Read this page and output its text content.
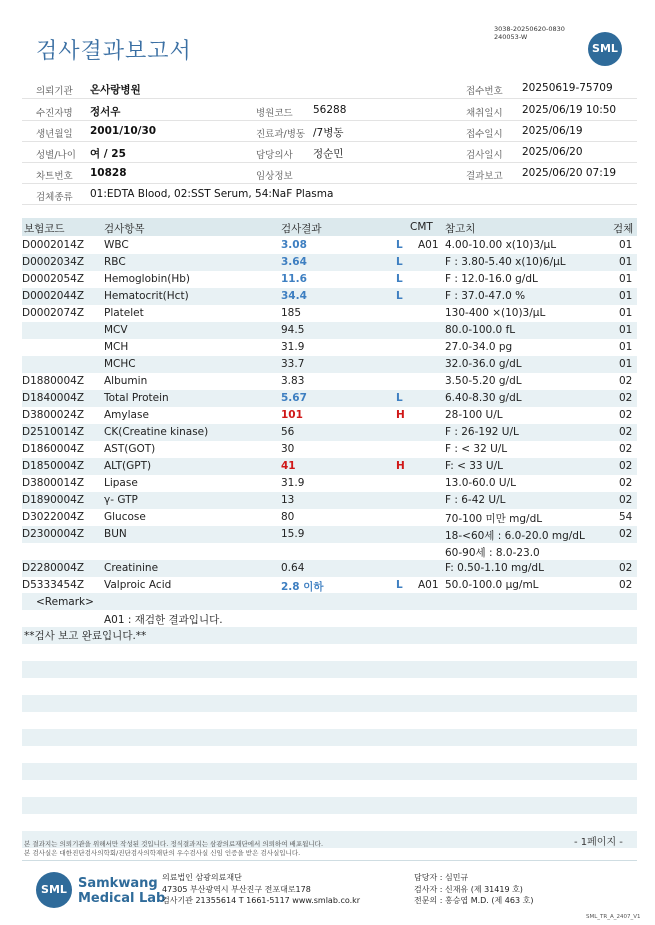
검사결과보고서
3038-20250620-0830
240053-W
SML
의뢰기관 온사랑병원	접수번호 20250619-75709
수진자명 정서우	병원코드 56288	채취일시 2025/06/19 10:50
생년월일 2001/10/30	진료과/병동 /7병동	접수일시 2025/06/19
성별/나이 여 / 25	담당의사 정순민	검사일시 2025/06/20
차트번호 10828	임상정보	결과보고 2025/06/20 07:19
검체종류 01:EDTA Blood, 02:SST Serum, 54:NaF Plasma
보험코드	검사항목	검사결과	CMT 참고치	검체
D0002014Z WBC	3.08	L A01 4.00-10.00 x(10)3/μL	01
D0002034Z RBC	3.64	L	F : 3.80-5.40 x(10)6/μL	01
D0002054Z Hemoglobin(Hb)	11.6	L	F : 12.0-16.0 g/dL	01
D0002044Z Hematocrit(Hct)	34.4	L	F : 37.0-47.0 %	01
D0002074Z Platelet	185	130-400 ×(10)3/μL	01
MCV	94.5	80.0-100.0 fL	01
MCH	31.9	27.0-34.0 pg	01
MCHC	33.7	32.0-36.0 g/dL	01
D1880004Z Albumin	3.83	3.50-5.20 g/dL	02
D1840004Z Total Protein	5.67	L	6.40-8.30 g/dL	02
D3800024Z Amylase	101	H	28-100 U/L	02
D2510014Z CK(Creatine kinase)	56	F : 26-192 U/L	02
D1860004Z AST(GOT)	30	F : < 32 U/L	02
D1850004Z ALT(GPT)	41	H	F: < 33 U/L	02
D3800014Z Lipase	31.9	13.0-60.0 U/L	02
D1890004Z γ- GTP	13	F : 6-42 U/L	02
D3022004Z Glucose	80	70-100 미만 mg/dL	54
D2300004Z BUN	15.9	18-<60세 : 6.0-20.0 mg/dL	02
60-90세 : 8.0-23.0
D2280004Z Creatinine	0.64	F: 0.50-1.10 mg/dL	02
D5333454Z Valproic Acid	2.8 이하	L A01 50.0-100.0 μg/mL	02
<Remark>
A01 : 재검한 결과입니다.
**검사 보고 완료입니다.**
본 결과지는 의뢰기관을 위해서만 작성된 것입니다. 정식결과지는 삼광의료재단에서 의뢰하여 배포됩니다.
본 검사실은 대한진단검사의학회/진단검사의학재단의 우수검사실 신임 인증을 받은 검사실입니다.
- 1페이지 -
SML Samkwang
Medical Lab
의료법인 삼광의료재단
47305 부산광역시 부산진구 전포대로178
검사기관 21355614 T 1661-5117 www.smlab.co.kr
담당자 : 심민규
검사자 : 신재유 (제 31419 호)
전문의 : 홍승엽 M.D. (제 463 호)
SML_TR_A_2407_V1
